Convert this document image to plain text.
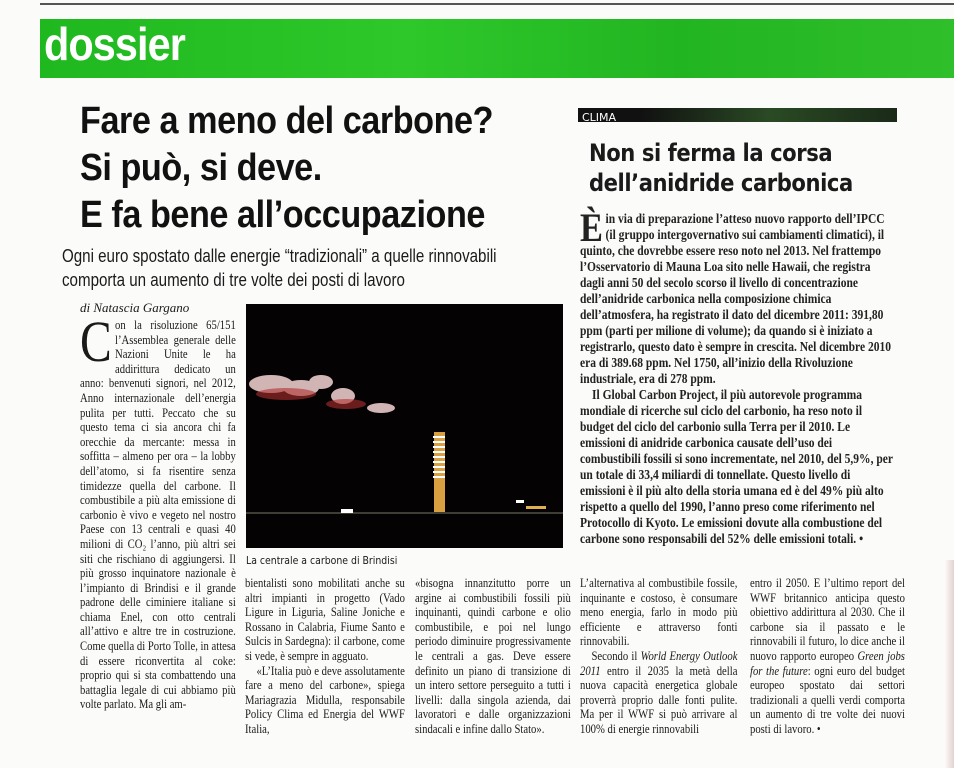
dossier
Fare a meno del carbone?
Si può, si deve.
E fa bene all’occupazione
Ogni euro spostato dalle energie “tradizionali” a quelle rinnovabili comporta un aumento di tre volte dei posti di lavoro
di Natascia Gargano

Con la risoluzione 65/151 l’Assemblea generale delle Nazioni Unite le ha addirittura dedicato un anno: benvenuti signori, nel 2012, Anno internazionale dell’energia pulita per tutti. Peccato che su questo tema ci sia ancora chi fa orecchie da mercante: messa in soffitta – almeno per ora – la lobby dell’atomo, si fa risentire senza timidezze quella del carbone. Il combustibile a più alta emissione di carbonio è vivo e vegeto nel nostro Paese con 13 centrali e quasi 40 milioni di CO₂ l’anno, più altri sei siti che rischiano di aggiungersi. Il più grosso inquinatore nazionale è l’impianto di Brindisi e il grande padrone delle ciminiere italiane si chiama Enel, con otto centrali all’attivo e altre tre in costruzione. Come quella di Porto Tolle, in attesa di essere riconvertita al coke: proprio qui si sta combattendo una battaglia legale di cui abbiamo più volte parlato. Ma gli am-

La centrale a carbone di Brindisi

bientalisti sono mobilitati anche su altri impianti in progetto (Vado Ligure in Liguria, Saline Joniche e Rossano in Calabria, Fiume Santo e Sulcis in Sardegna): il carbone, come si vede, è sempre in agguato.

«L’Italia può e deve assolutamente fare a meno del carbone», spiega Mariagrazia Midulla, responsabile Policy Clima ed Energia del WWF Italia,

«bisogna innanzitutto porre un argine ai combustibili fossili più inquinanti, quindi carbone e olio combustibile, e poi nel lungo periodo diminuire progressivamente le centrali a gas. Deve essere definito un piano di transizione di un intero settore perseguito a tutti i livelli: dalla singola azienda, dai lavoratori e dalle organizzazioni sindacali e infine dallo Stato».

L’alternativa al combustibile fossile, inquinante e costoso, è consumare meno energia, farlo in modo più efficiente e attraverso fonti rinnovabili.

Secondo il World Energy Outlook 2011 entro il 2035 la metà della nuova capacità energetica globale proverrà proprio dalle fonti pulite. Ma per il WWF si può arrivare al 100% di energie rinnovabili

entro il 2050. E l’ultimo report del WWF britannico anticipa questo obiettivo addirittura al 2030. Che il carbone sia il passato e le rinnovabili il futuro, lo dice anche il nuovo rapporto europeo Green jobs for the future: ogni euro del budget europeo spostato dai settori tradizionali a quelli verdi comporta un aumento di tre volte dei nuovi posti di lavoro. •

CLIMA
Non si ferma la corsa
dell’anidride carbonica

Èin via di preparazione l’atteso nuovo rapporto dell’IPCC (il gruppo intergovernativo sui cambiamenti climatici), il quinto, che dovrebbe essere reso noto nel 2013. Nel frattempo l’Osservatorio di Mauna Loa sito nelle Hawaii, che registra dagli anni 50 del secolo scorso il livello di concentrazione dell’anidride carbonica nella composizione chimica dell’atmosfera, ha registrato il dato del dicembre 2011: 391,80 ppm (parti per milione di volume); da quando si è iniziato a registrarlo, questo dato è sempre in crescita. Nel dicembre 2010 era di 389.68 ppm. Nel 1750, all’inizio della Rivoluzione industriale, era di 278 ppm.

Il Global Carbon Project, il più autorevole programma mondiale di ricerche sul ciclo del carbonio, ha reso noto il budget del ciclo del carbonio sulla Terra per il 2010. Le emissioni di anidride carbonica causate dell’uso dei combustibili fossili si sono incrementate, nel 2010, del 5,9%, per un totale di 33,4 miliardi di tonnellate. Questo livello di emissioni è il più alto della storia umana ed è del 49% più alto rispetto a quello del 1990, l’anno preso come riferimento nel Protocollo di Kyoto. Le emissioni dovute alla combustione del carbone sono responsabili del 52% delle emissioni totali. •
